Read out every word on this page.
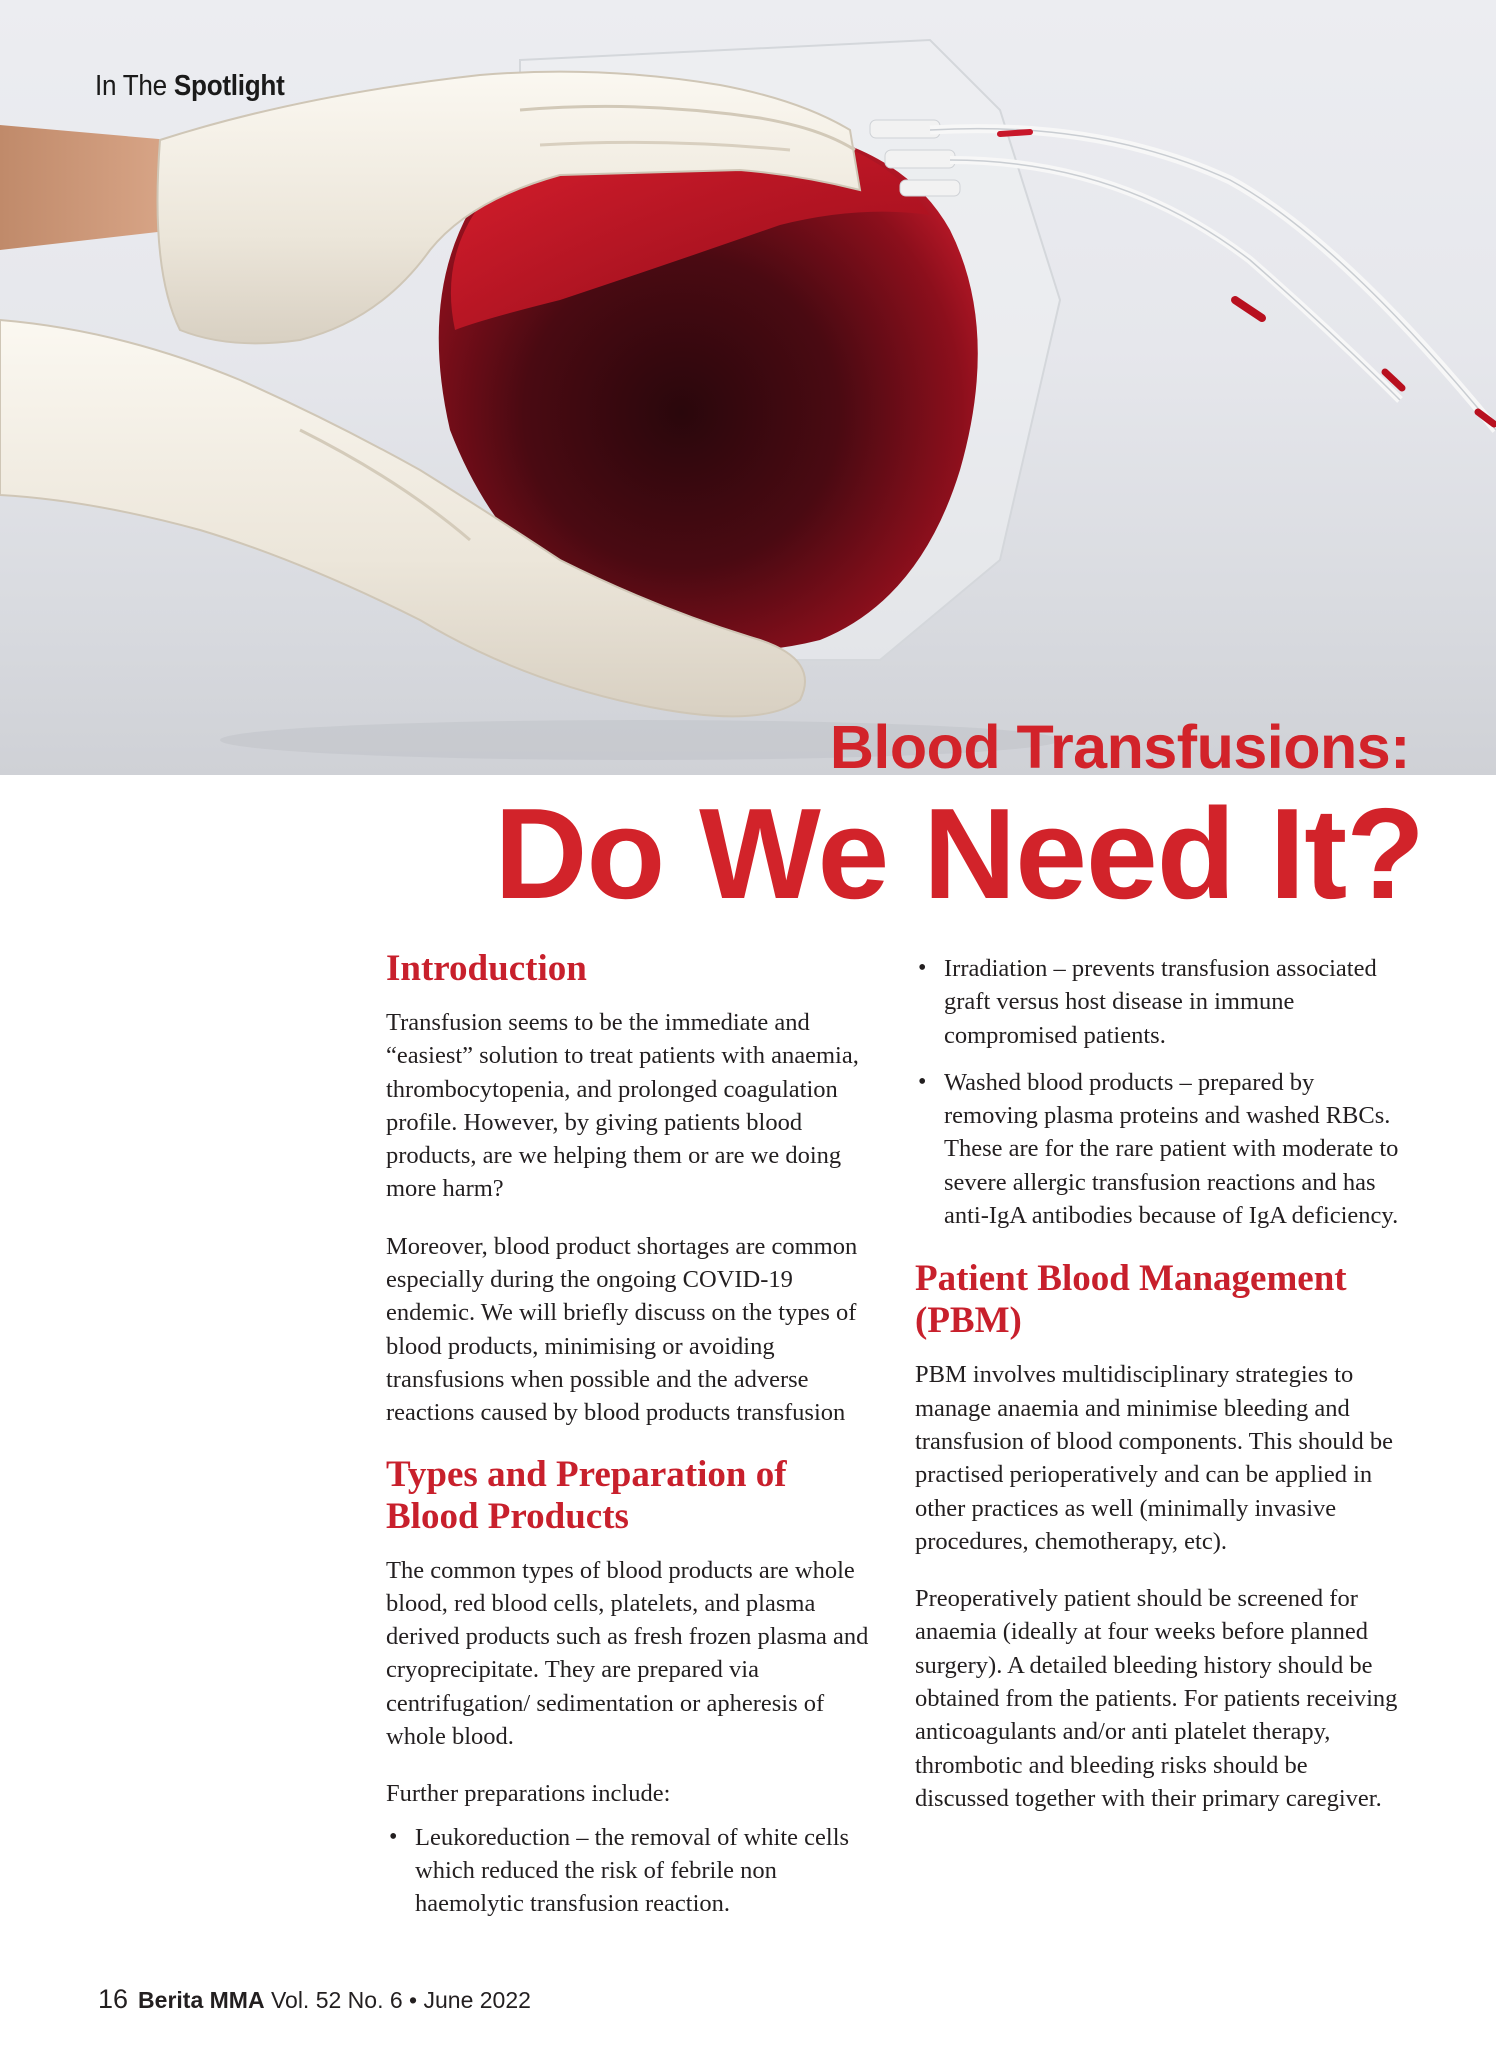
In The Spotlight
Blood Transfusions:
Do We Need It?
Introduction

Transfusion seems to be the immediate and “easiest” solution to treat patients with anaemia, thrombocytopenia, and prolonged coagulation profile. However, by giving patients blood products, are we helping them or are we doing more harm?

Moreover, blood product shortages are common especially during the ongoing COVID-19 endemic. We will briefly discuss on the types of blood products, minimising or avoiding transfusions when possible and the adverse reactions caused by blood products transfusion

Types and Preparation of Blood Products

The common types of blood products are whole blood, red blood cells, platelets, and plasma derived products such as fresh frozen plasma and cryoprecipitate. They are prepared via centrifugation/ sedimentation or apheresis of whole blood.

Further preparations include:

• Leukoreduction – the removal of white cells which reduced the risk of febrile non haemolytic transfusion reaction.
• Irradiation – prevents transfusion associated graft versus host disease in immune compromised patients.
• Washed blood products – prepared by removing plasma proteins and washed RBCs. These are for the rare patient with moderate to severe allergic transfusion reactions and has anti-IgA antibodies because of IgA deficiency.
Patient Blood Management (PBM)

PBM involves multidisciplinary strategies to manage anaemia and minimise bleeding and transfusion of blood components. This should be practised perioperatively and can be applied in other practices as well (minimally invasive procedures, chemotherapy, etc).

Preoperatively patient should be screened for anaemia (ideally at four weeks before planned surgery). A detailed bleeding history should be obtained from the patients. For patients receiving anticoagulants and/or anti platelet therapy, thrombotic and bleeding risks should be discussed together with their primary caregiver.

16 Berita MMA Vol. 52 No. 6 • June 2022
